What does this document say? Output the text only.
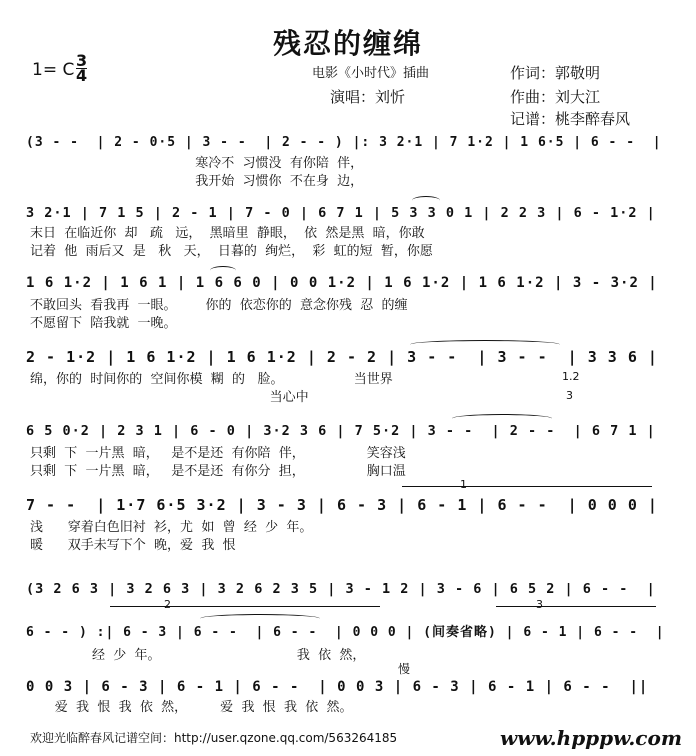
残忍的缠绵
1= C 3
4	电影《小时代》插曲
演唱：刘忻
作词：郭敬明
作曲：刘大江
记谱：桃李醉春风
(3 - -  | 2 - 0·5 | 3 - -  | 2 - - ) |: 3 2·1 | 7 1·2 | 1 6·5 | 6 - -  |
寒冷不  习惯没  有你陪  伴，
我开始  习惯你  不在身  边，
3 2·1 | 7 1 5 | 2 - 1 | 7 - 0 | 6 7 1 | 5 3 3 0 1 | 2 2 3 | 6 - 1·2 |
末日  在临近你  却   疏   远，  黑暗里  静眼，  依  然是黑  暗，你敢
记着  他  雨后又  是   秋   天，  日暮的  绚烂，  彩  虹的短  暂，你愿
1 6 1·2 | 1 6 1 | 1 6 6 0 | 0 0 1·2 | 1 6 1·2 | 1 6 1·2 | 3 - 3·2 |
不敢回头  看我再  一眼。       你的  依恋你的  意念你残  忍  的缠
不愿留下  陪我就  一晚。
2 - 1·2 | 1 6 1·2 | 1 6 1·2 | 2 - 2 | 3 - -  | 3 - -  | 3 3 6 |
1.2
3
绵，你的  时间你的  空间你模  糊  的   脸。                 当世界
当心中
6 5 0·2 | 2 3 1 | 6 - 0 | 3·2 3 6 | 7 5·2 | 3 - -  | 2 - -  | 6 7 1 |
只剩  下  一片黑  暗，   是不是还  有你陪  伴，               笑容浅
只剩  下  一片黑  暗，   是不是还  有你分  担，               胸口温
1
7 - -  | 1·7 6·5 3·2 | 3 - 3 | 6 - 3 | 6 - 1 | 6 - -  | 0 0 0 |
浅      穿着白色旧衬  衫，尤  如  曾  经  少  年。
暖      双手未写下个  晚，爱  我  恨
(3 2 6 3 | 3 2 6 3 | 3 2 6 2 3 5 | 3 - 1 2 | 3 - 6 | 6 5 2 | 6 - -  |
2	3
6 - - ) :| 6 - 3 | 6 - -  | 6 - -  | 0 0 0 | (间奏省略) | 6 - 1 | 6 - -  |
经  少  年。                                 我  依  然，
慢
0 0 3 | 6 - 3 | 6 - 1 | 6 - -  | 0 0 3 | 6 - 3 | 6 - 1 | 6 - -  ||
爱  我  恨  我  依  然，        爱  我  恨  我  依  然。
欢迎光临醉春风记谱空间：http://user.qzone.qq.com/563264185	www.hpppw.com
